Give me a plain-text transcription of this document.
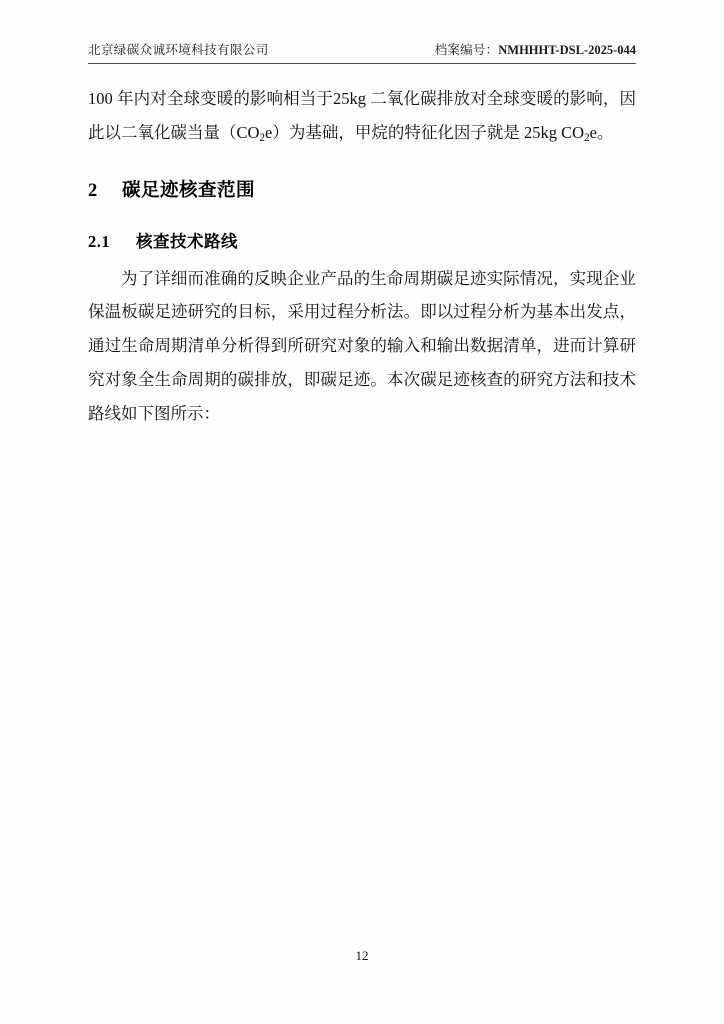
北京绿碳众诚环境科技有限公司	档案编号：NMHHHT-DSL-2025-044

100 年内对全球变暖的影响相当于25kg 二氧化碳排放对全球变暖的影响，因此以二氧化碳当量$(CO_2e)$为基础，甲烷的特征化因子就是 25kg $CO_2e$。

2 碳足迹核查范围
2.1 核查技术路线

为了详细而准确的反映企业产品的生命周期碳足迹实际情况，实现企业保温板碳足迹研究的目标，采用过程分析法。即以过程分析为基本出发点，通过生命周期清单分析得到所研究对象的输入和输出数据清单，进而计算研究对象全生命周期的碳排放，即碳足迹。本次碳足迹核查的研究方法和技术路线如下图所示：

12
